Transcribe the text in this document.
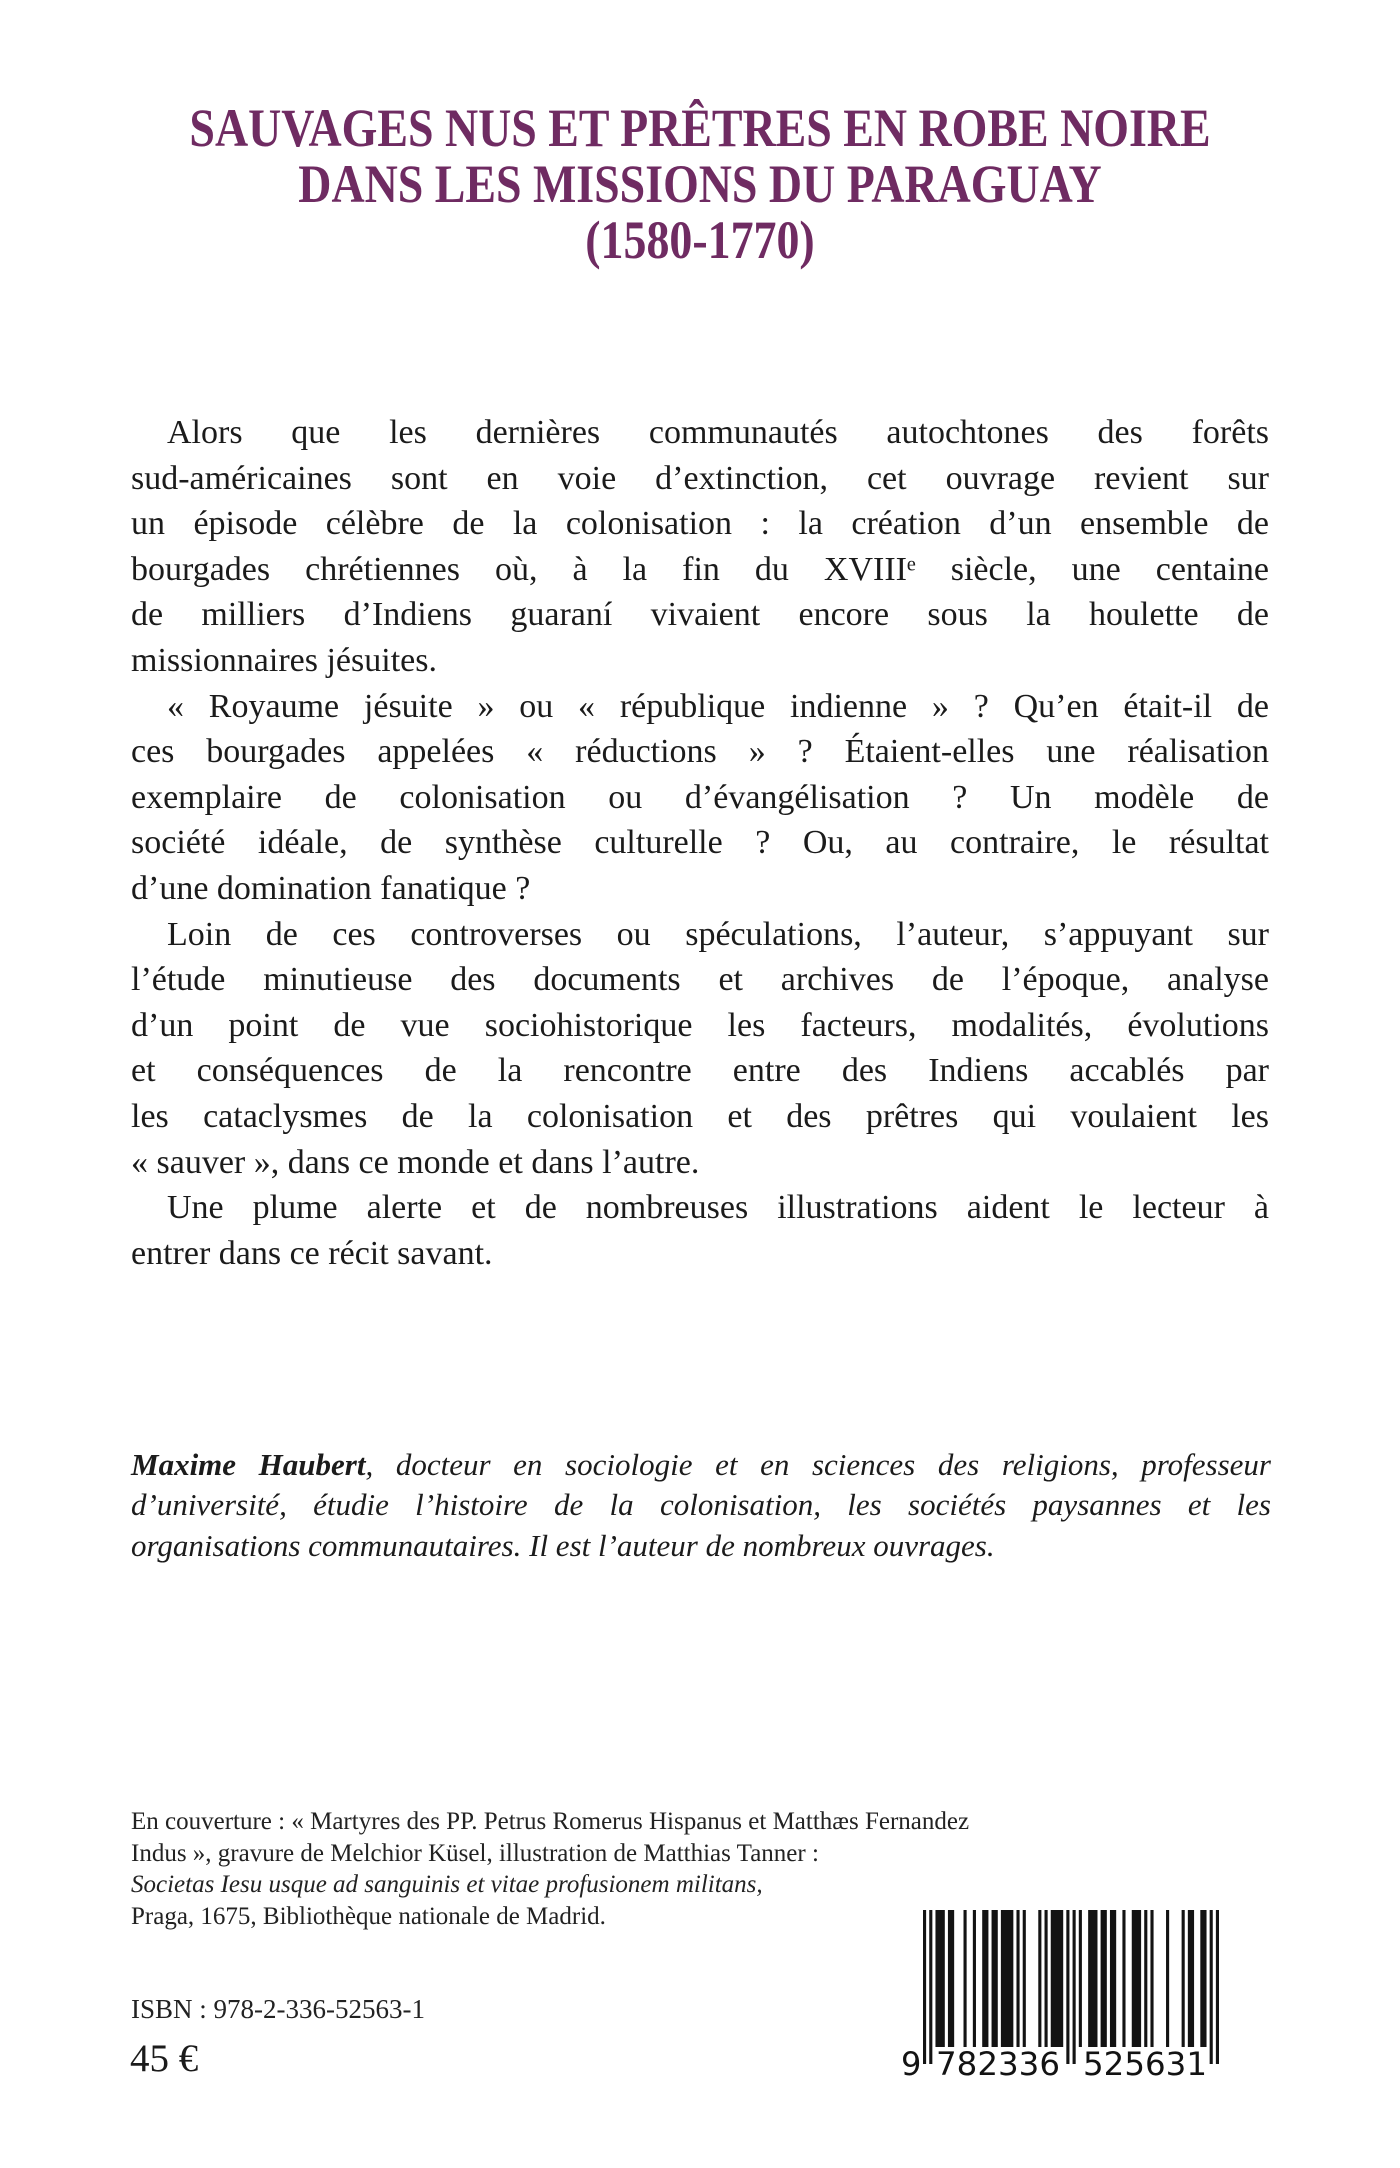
SAUVAGES NUS ET PRÊTRES EN ROBE NOIRE
DANS LES MISSIONS DU PARAGUAY
(1580-1770)
Alors que les dernières communautés autochtones des forêts
sud-américaines sont en voie d’extinction, cet ouvrage revient sur
un épisode célèbre de la colonisation : la création d’un ensemble de
bourgades chrétiennes où, à la fin du XVIIIᵉ siècle, une centaine
de milliers d’Indiens guaraní vivaient encore sous la houlette de
missionnaires jésuites.
« Royaume jésuite » ou « république indienne » ? Qu’en était-il de
ces bourgades appelées « réductions » ? Étaient-elles une réalisation
exemplaire de colonisation ou d’évangélisation ? Un modèle de
société idéale, de synthèse culturelle ? Ou, au contraire, le résultat
d’une domination fanatique ?
Loin de ces controverses ou spéculations, l’auteur, s’appuyant sur
l’étude minutieuse des documents et archives de l’époque, analyse
d’un point de vue sociohistorique les facteurs, modalités, évolutions
et conséquences de la rencontre entre des Indiens accablés par
les cataclysmes de la colonisation et des prêtres qui voulaient les
« sauver », dans ce monde et dans l’autre.
Une plume alerte et de nombreuses illustrations aident le lecteur à
entrer dans ce récit savant.
Maxime Haubert, docteur en sociologie et en sciences des religions, professeur
d’université, étudie l’histoire de la colonisation, les sociétés paysannes et les
organisations communautaires. Il est l’auteur de nombreux ouvrages.
En couverture : « Martyres des PP. Petrus Romerus Hispanus et Matthæs Fernandez
Indus », gravure de Melchior Küsel, illustration de Matthias Tanner :
Societas Iesu usque ad sanguinis et vitae profusionem militans,
Praga, 1675, Bibliothèque nationale de Madrid.
ISBN : 978-2-336-52563-1
45 €	9 782336 525631
